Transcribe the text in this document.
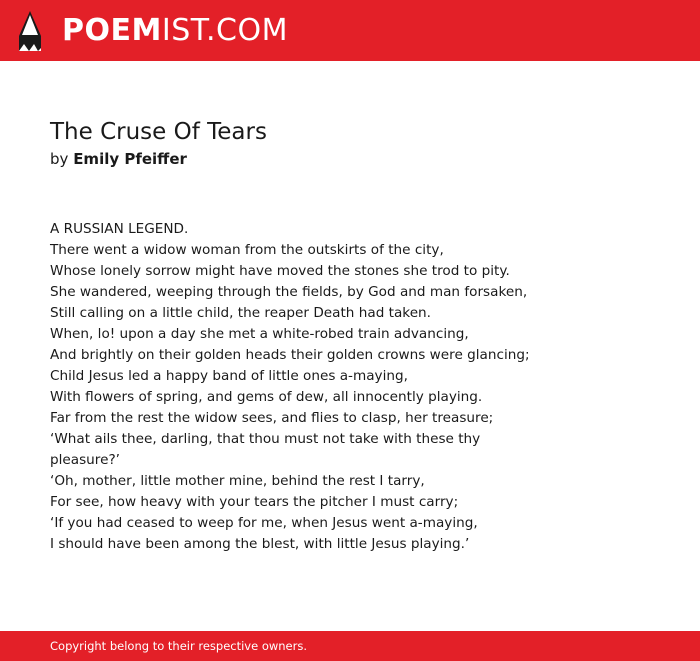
POEMIST.COM
The Cruse Of Tears
by Emily Pfeiffer
A RUSSIAN LEGEND.
There went a widow woman from the outskirts of the city,
Whose lonely sorrow might have moved the stones she trod to pity.
She wandered, weeping through the fields, by God and man forsaken,
Still calling on a little child, the reaper Death had taken.
When, lo! upon a day she met a white-robed train advancing,
And brightly on their golden heads their golden crowns were glancing;
Child Jesus led a happy band of little ones a-maying,
With flowers of spring, and gems of dew, all innocently playing.
Far from the rest the widow sees, and flies to clasp, her treasure;
‘What ails thee, darling, that thou must not take with these thy
pleasure?’
‘Oh, mother, little mother mine, behind the rest I tarry,
For see, how heavy with your tears the pitcher I must carry;
‘If you had ceased to weep for me, when Jesus went a-maying,
I should have been among the blest, with little Jesus playing.’
Copyright belong to their respective owners.
